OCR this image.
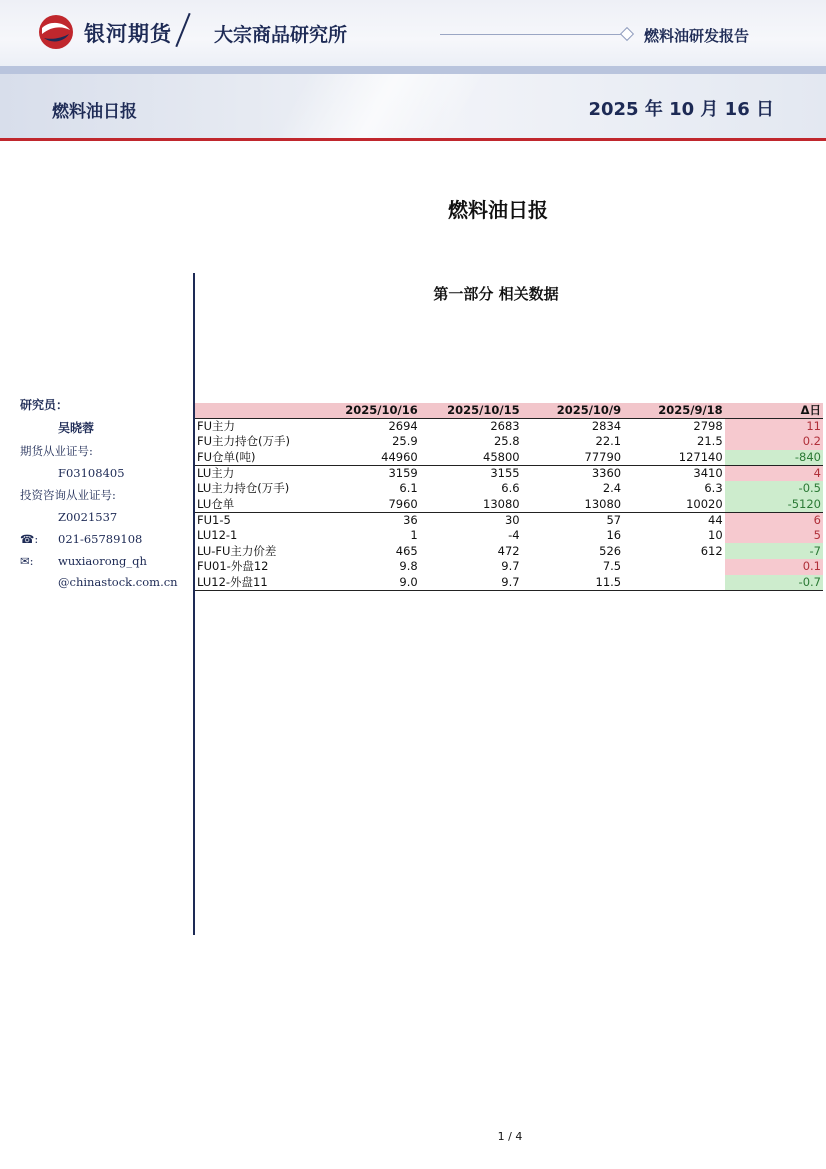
银河期货 大宗商品研究所	燃料油研发报告
燃料油日报	2025 年 10 月 16 日
燃料油日报
第一部分 相关数据
研究员：
吴晓蓉
期货从业证号:
F03108405
投资咨询从业证号:
Z0021537
☎:	021-65789108
✉:	wuxiaorong_qh
@chinastock.com.cn
	2025/10/16	2025/10/15	2025/10/9	2025/9/18	Δ日
FU主力	2694	2683	2834	2798	11
FU主力持仓(万手)	25.9	25.8	22.1	21.5	0.2
FU仓单(吨)	44960	45800	77790	127140	-840
LU主力	3159	3155	3360	3410	4
LU主力持仓(万手)	6.1	6.6	2.4	6.3	-0.5
LU仓单	7960	13080	13080	10020	-5120
FU1-5	36	30	57	44	6
LU12-1	1	-4	16	10	5
LU-FU主力价差	465	472	526	612	-7
FU01-外盘12	9.8	9.7	7.5		0.1
LU12-外盘11	9.0	9.7	11.5		-0.7
1 / 4
